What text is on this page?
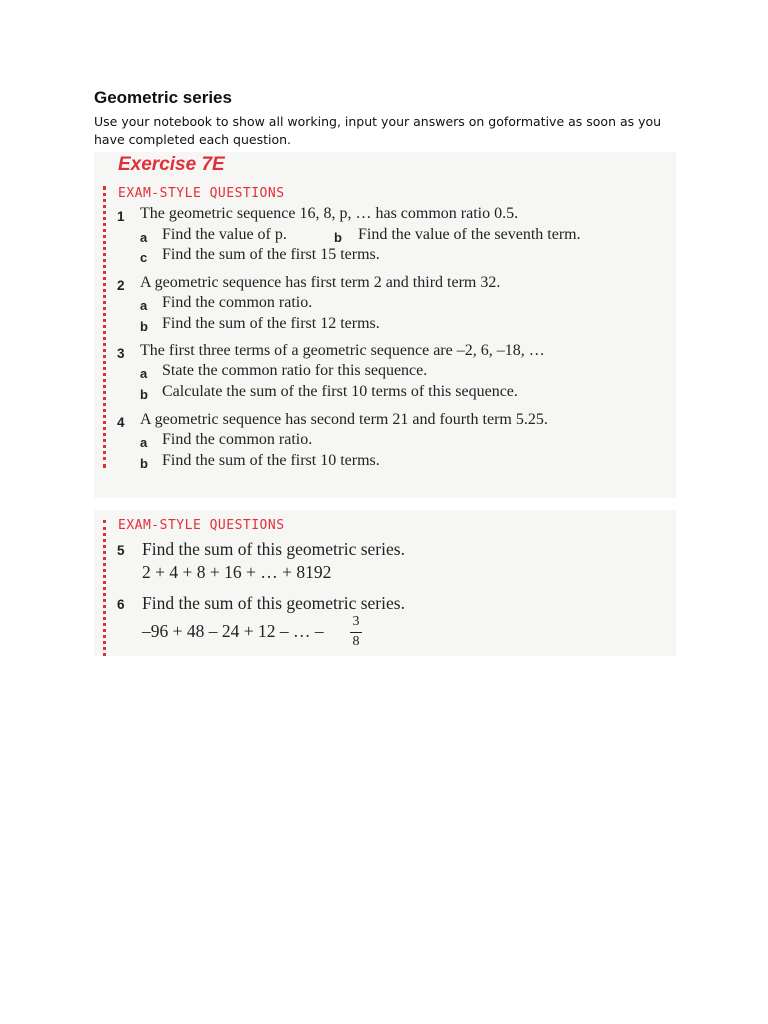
Geometric series
Use your notebook to show all working, input your answers on goformative as soon as you have completed each question.
Exercise 7E
EXAM-STYLE QUESTIONS
1 The geometric sequence 16, 8, p, … has common ratio 0.5.
a Find the value of p.	b Find the value of the seventh term.
c Find the sum of the first 15 terms.
2 A geometric sequence has first term 2 and third term 32.
a Find the common ratio.
b Find the sum of the first 12 terms.
3 The first three terms of a geometric sequence are –2, 6, –18, …
a State the common ratio for this sequence.
b Calculate the sum of the first 10 terms of this sequence.
4 A geometric sequence has second term 21 and fourth term 5.25.
a Find the common ratio.
b Find the sum of the first 10 terms.
EXAM-STYLE QUESTIONS
5 Find the sum of this geometric series.
2 + 4 + 8 + 16 + … + 8192
6 Find the sum of this geometric series.
–96 + 48 – 24 + 12 – … – 3
8
